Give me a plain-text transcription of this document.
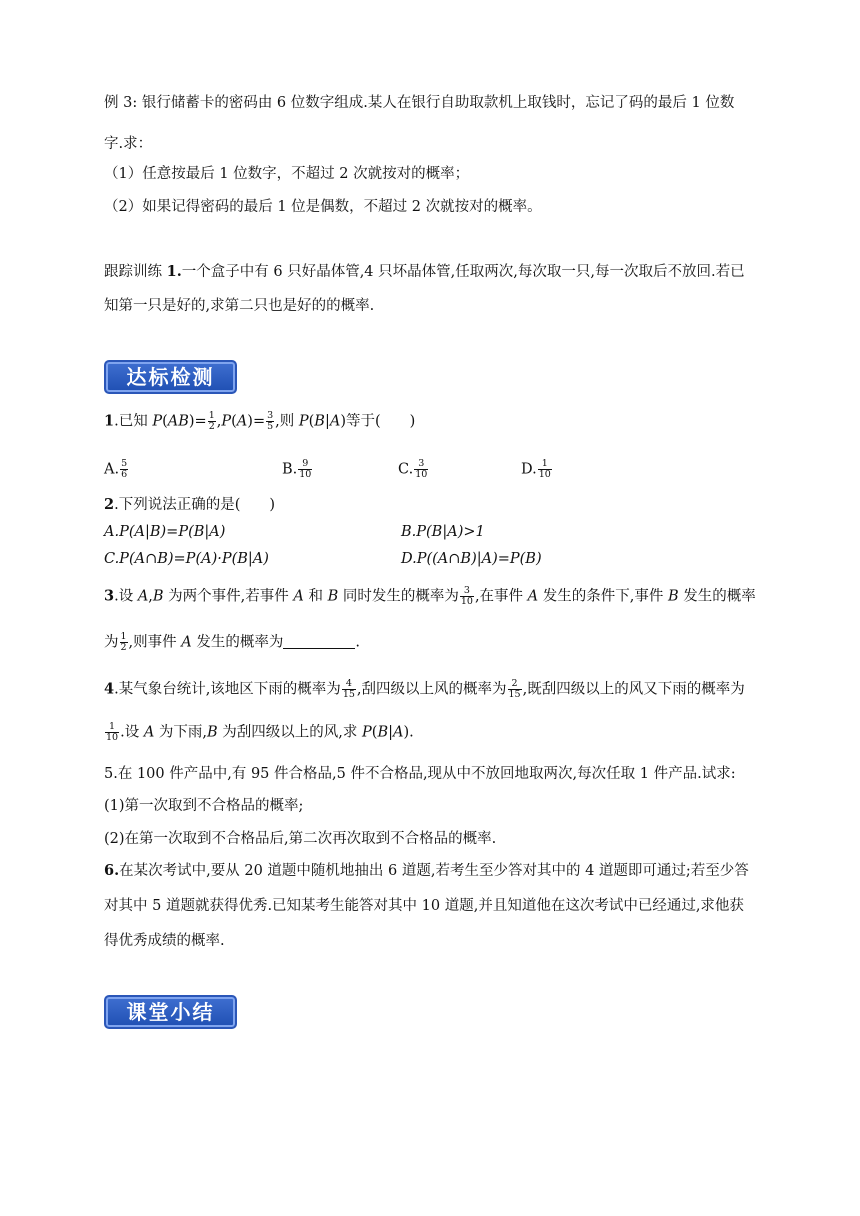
例 3: 银行储蓄卡的密码由 6 位数字组成.某人在银行自助取款机上取钱时，忘记了码的最后 1 位数
字.求：
（1）任意按最后 1 位数字，不超过 2 次就按对的概率；
（2）如果记得密码的最后 1 位是偶数，不超过 2 次就按对的概率。
跟踪训练 1.一个盒子中有 6 只好晶体管,4 只坏晶体管,任取两次,每次取一只,每一次取后不放回.若已
知第一只是好的,求第二只也是好的的概率.
达标检测
1.已知 $P(AB)= \frac{1}{2} ,P(A)= \frac{3}{5}$ ,则 P(B|A)等于(　　)
A. $\frac{5}{6}$	B. $\frac{9}{10}$	C. $\frac{3}{10}$	D. $\frac{1}{10}$
2.下列说法正确的是(　　)
A.P(A|B)=P(B|A)	B.P(B|A)>1
C.P(A∩B)=P(A)·P(B|A)	D.P((A∩B)|A)=P(B)
3.设 A,B 为两个事件,若事件 A 和 B 同时发生的概率为 $\frac{3}{10}$ ,在事件 A 发生的条件下,事件 B 发生的概率
为 $\frac{1}{2}$ ,则事件 A 发生的概率为	.
4.某气象台统计,该地区下雨的概率为 $\frac{4}{15}$ ,刮四级以上风的概率为 $\frac{2}{15}$ ,既刮四级以上的风又下雨的概率为
$\frac{1}{10}$ .设 A 为下雨,B 为刮四级以上的风,求 P(B|A).
5.在 100 件产品中,有 95 件合格品,5 件不合格品,现从中不放回地取两次,每次任取 1 件产品.试求:
(1)第一次取到不合格品的概率;
(2)在第一次取到不合格品后,第二次再次取到不合格品的概率.
6.在某次考试中,要从 20 道题中随机地抽出 6 道题,若考生至少答对其中的 4 道题即可通过;若至少答
对其中 5 道题就获得优秀.已知某考生能答对其中 10 道题,并且知道他在这次考试中已经通过,求他获
得优秀成绩的概率.
课堂小结
